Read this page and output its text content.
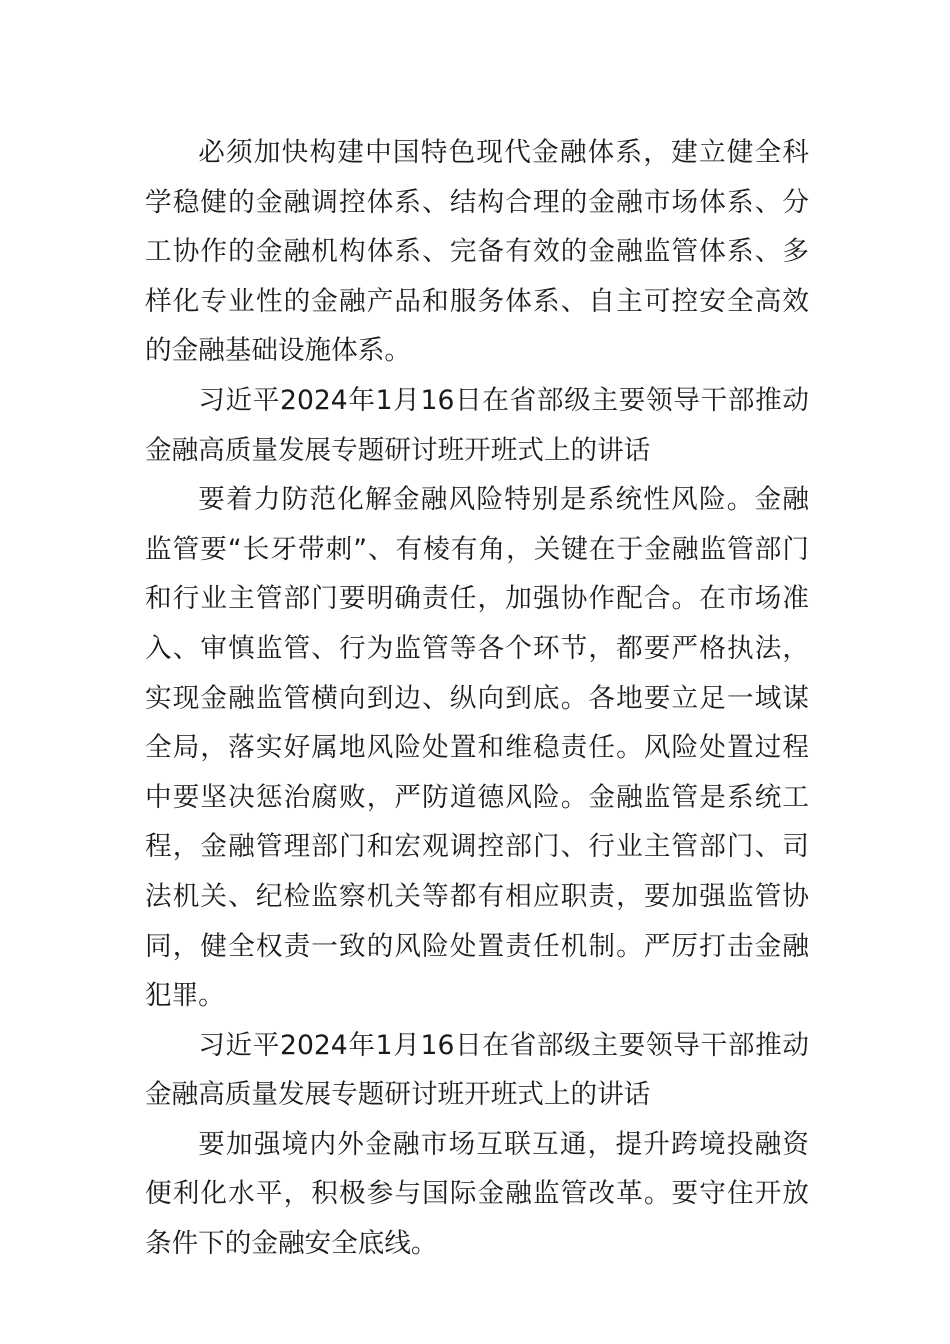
必须加快构建中国特色现代金融体系，建立健全科学稳健的金融调控体系、结构合理的金融市场体系、分工协作的金融机构体系、完备有效的金融监管体系、多样化专业性的金融产品和服务体系、自主可控安全高效的金融基础设施体系。

习近平2024年1月16日在省部级主要领导干部推动金融高质量发展专题研讨班开班式上的讲话

要着力防范化解金融风险特别是系统性风险。金融监管要“长牙带刺”、有棱有角，关键在于金融监管部门和行业主管部门要明确责任，加强协作配合。在市场准入、审慎监管、行为监管等各个环节，都要严格执法，实现金融监管横向到边、纵向到底。各地要立足一域谋全局，落实好属地风险处置和维稳责任。风险处置过程中要坚决惩治腐败，严防道德风险。金融监管是系统工程，金融管理部门和宏观调控部门、行业主管部门、司法机关、纪检监察机关等都有相应职责，要加强监管协同，健全权责一致的风险处置责任机制。严厉打击金融犯罪。

习近平2024年1月16日在省部级主要领导干部推动金融高质量发展专题研讨班开班式上的讲话

要加强境内外金融市场互联互通，提升跨境投融资便利化水平，积极参与国际金融监管改革。要守住开放条件下的金融安全底线。
